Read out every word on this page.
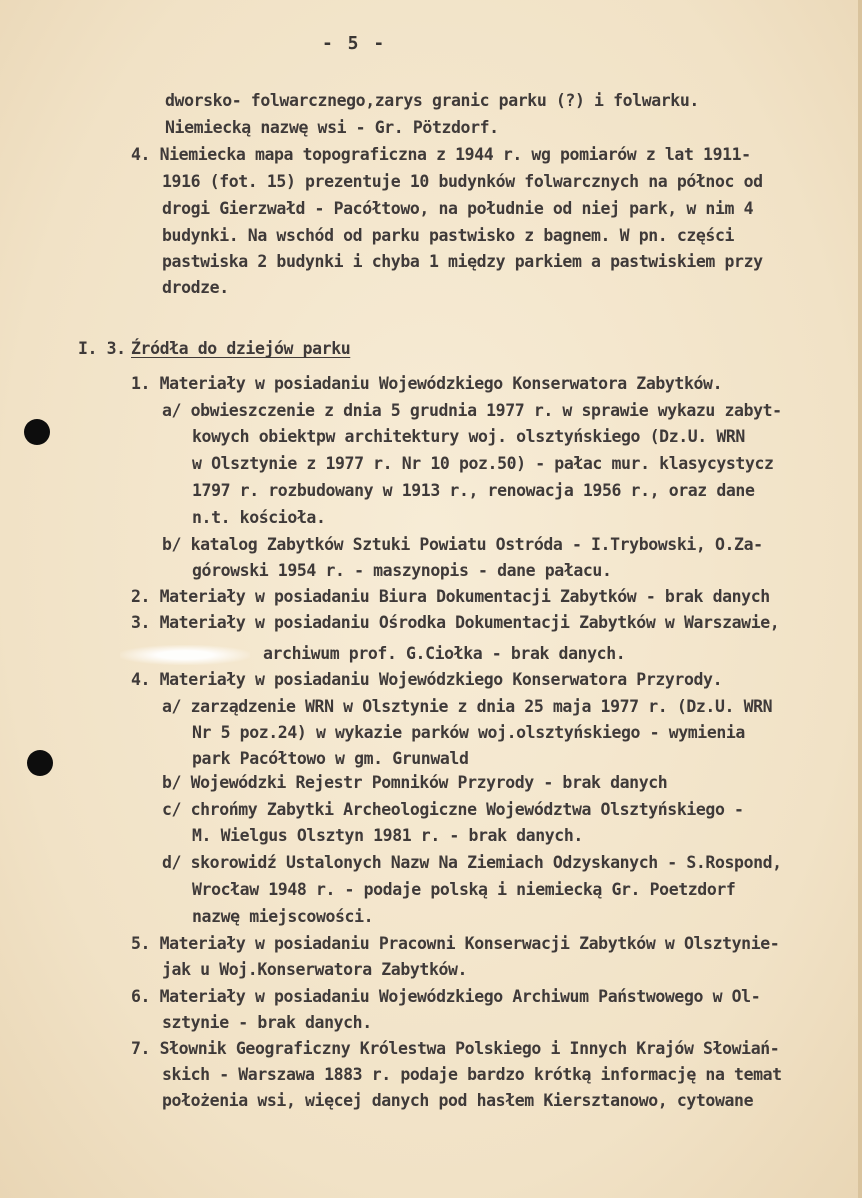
- 5 -
dworsko- folwarcznego,zarys granic parku (?) i folwarku.
Niemiecką nazwę wsi - Gr. Pötzdorf.
4. Niemiecka mapa topograficzna z 1944 r. wg pomiarów z lat 1911-
1916 (fot. 15) prezentuje 10 budynków folwarcznych na północ od
drogi Gierzwałd - Pacółtowo, na południe od niej park, w nim 4
budynki. Na wschód od parku pastwisko z bagnem. W pn. części
pastwiska 2 budynki i chyba 1 między parkiem a pastwiskiem przy
drodze.
I. 3. Źródła do dziejów parku
1. Materiały w posiadaniu Wojewódzkiego Konserwatora Zabytków.
a/ obwieszczenie z dnia 5 grudnia 1977 r. w sprawie wykazu zabyt-
kowych obiektpw architektury woj. olsztyńskiego (Dz.U. WRN
w Olsztynie z 1977 r. Nr 10 poz.50) - pałac mur. klasycystycz
1797 r. rozbudowany w 1913 r., renowacja 1956 r., oraz dane
n.t. kościoła.
b/ katalog Zabytków Sztuki Powiatu Ostróda - I.Trybowski, O.Za-
górowski 1954 r. - maszynopis - dane pałacu.
2. Materiały w posiadaniu Biura Dokumentacji Zabytków - brak danych
3. Materiały w posiadaniu Ośrodka Dokumentacji Zabytków w Warszawie,
archiwum prof. G.Ciołka - brak danych.
4. Materiały w posiadaniu Wojewódzkiego Konserwatora Przyrody.
a/ zarządzenie WRN w Olsztynie z dnia 25 maja 1977 r. (Dz.U. WRN
Nr 5 poz.24) w wykazie parków woj.olsztyńskiego - wymienia
park Pacółtowo w gm. Grunwald
b/ Wojewódzki Rejestr Pomników Przyrody - brak danych
c/ chrońmy Zabytki Archeologiczne Województwa Olsztyńskiego -
M. Wielgus Olsztyn 1981 r. - brak danych.
d/ skorowidź Ustalonych Nazw Na Ziemiach Odzyskanych - S.Rospond,
Wrocław 1948 r. - podaje polską i niemiecką Gr. Poetzdorf
nazwę miejscowości.
5. Materiały w posiadaniu Pracowni Konserwacji Zabytków w Olsztynie-
jak u Woj.Konserwatora Zabytków.
6. Materiały w posiadaniu Wojewódzkiego Archiwum Państwowego w Ol-
sztynie - brak danych.
7. Słownik Geograficzny Królestwa Polskiego i Innych Krajów Słowiań-
skich - Warszawa 1883 r. podaje bardzo krótką informację na temat
położenia wsi, więcej danych pod hasłem Kiersztanowo, cytowane
